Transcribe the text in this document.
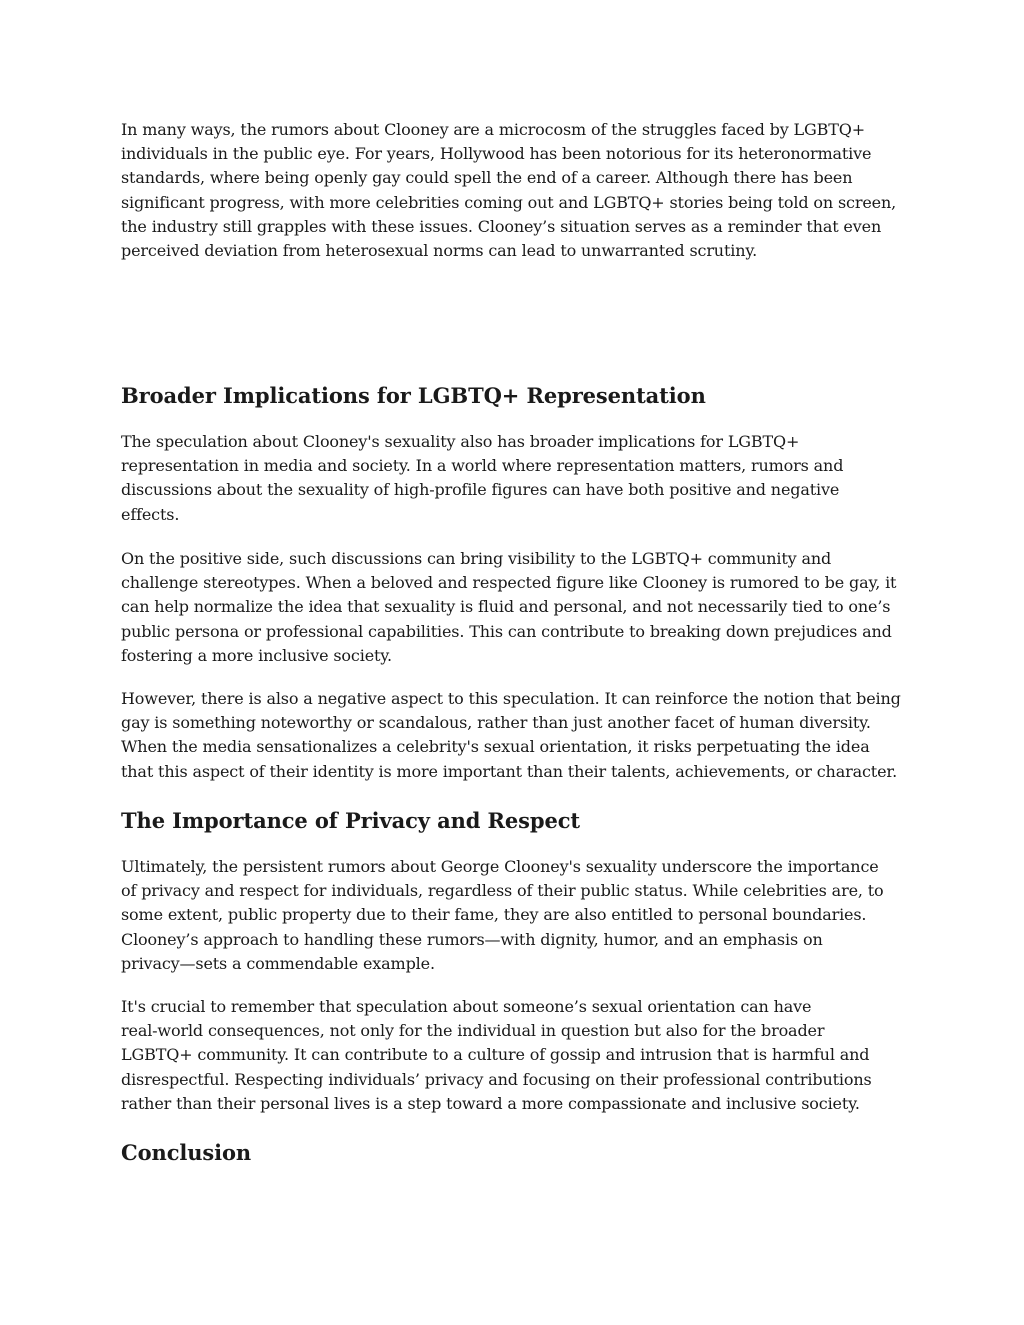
In many ways, the rumors about Clooney are a microcosm of the struggles faced by LGBTQ+
individuals in the public eye. For years, Hollywood has been notorious for its heteronormative
standards, where being openly gay could spell the end of a career. Although there has been
significant progress, with more celebrities coming out and LGBTQ+ stories being told on screen,
the industry still grapples with these issues. Clooney’s situation serves as a reminder that even
perceived deviation from heterosexual norms can lead to unwarranted scrutiny.

Broader Implications for LGBTQ+ Representation

The speculation about Clooney's sexuality also has broader implications for LGBTQ+
representation in media and society. In a world where representation matters, rumors and
discussions about the sexuality of high-profile figures can have both positive and negative
effects.

On the positive side, such discussions can bring visibility to the LGBTQ+ community and
challenge stereotypes. When a beloved and respected figure like Clooney is rumored to be gay, it
can help normalize the idea that sexuality is fluid and personal, and not necessarily tied to one’s
public persona or professional capabilities. This can contribute to breaking down prejudices and
fostering a more inclusive society.

However, there is also a negative aspect to this speculation. It can reinforce the notion that being
gay is something noteworthy or scandalous, rather than just another facet of human diversity.
When the media sensationalizes a celebrity's sexual orientation, it risks perpetuating the idea
that this aspect of their identity is more important than their talents, achievements, or character.

The Importance of Privacy and Respect

Ultimately, the persistent rumors about George Clooney's sexuality underscore the importance
of privacy and respect for individuals, regardless of their public status. While celebrities are, to
some extent, public property due to their fame, they are also entitled to personal boundaries.
Clooney’s approach to handling these rumors—with dignity, humor, and an emphasis on
privacy—sets a commendable example.

It's crucial to remember that speculation about someone’s sexual orientation can have
real-world consequences, not only for the individual in question but also for the broader
LGBTQ+ community. It can contribute to a culture of gossip and intrusion that is harmful and
disrespectful. Respecting individuals’ privacy and focusing on their professional contributions
rather than their personal lives is a step toward a more compassionate and inclusive society.

Conclusion
